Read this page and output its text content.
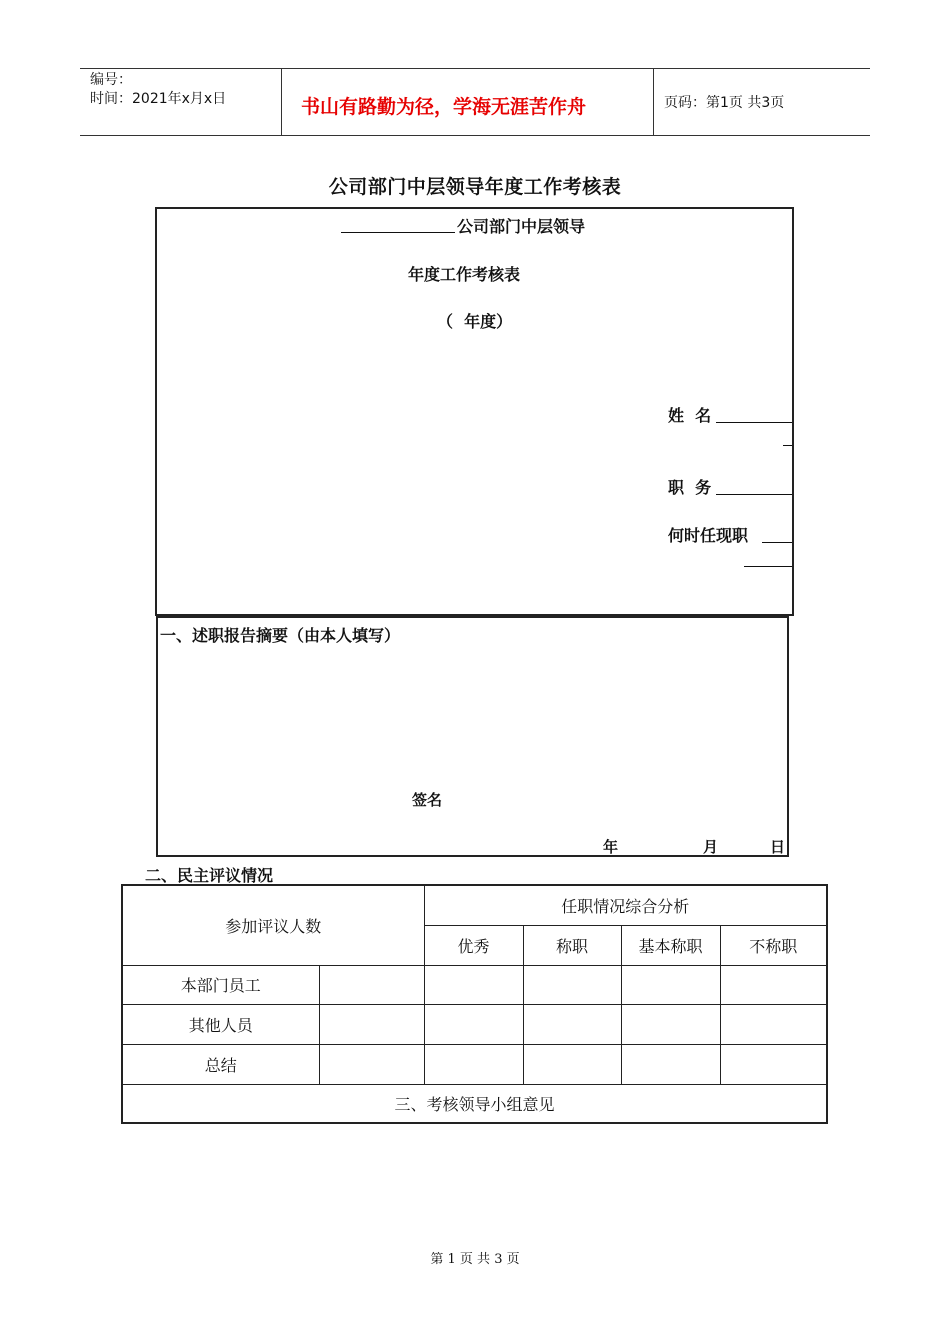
编号：
时间：2021年x月x日	书山有路勤为径，学海无涯苦作舟	页码：第1页 共3页
公司部门中层领导年度工作考核表
公司部门中层领导
年度工作考核表
（  年度）
姓  名
职  务
何时任现职
一、述职报告摘要（由本人填写）
签名
年	月	日
二、民主评议情况
参加评议人数		任职情况综合分析			
		优秀	称职	基本称职	不称职
本部门员工					
其他人员					
总结					
三、考核领导小组意见					
第 1 页 共 3 页
